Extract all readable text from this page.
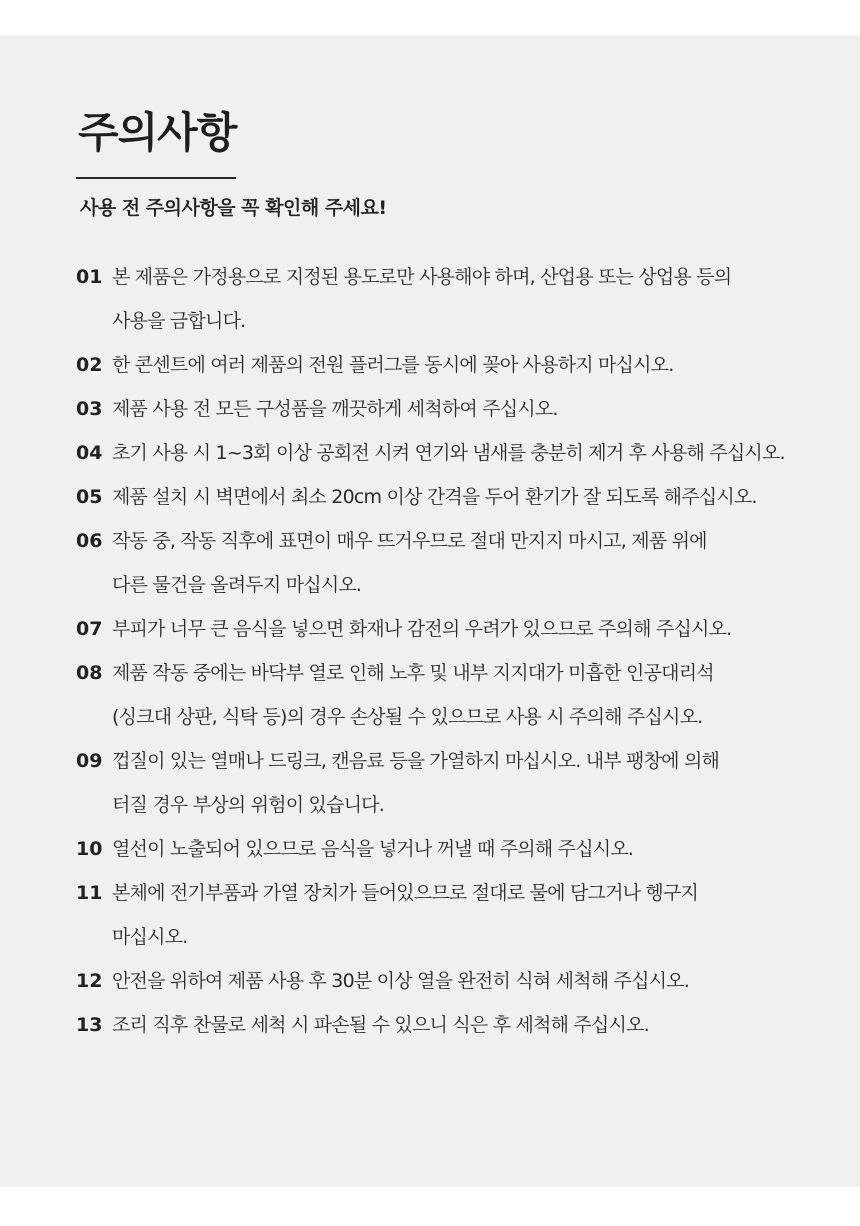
주의사항

사용 전 주의사항을 꼭 확인해 주세요!

01 본 제품은 가정용으로 지정된 용도로만 사용해야 하며, 산업용 또는 상업용 등의
사용을 금합니다.
02 한 콘센트에 여러 제품의 전원 플러그를 동시에 꽂아 사용하지 마십시오.
03 제품 사용 전 모든 구성품을 깨끗하게 세척하여 주십시오.
04 초기 사용 시 1~3회 이상 공회전 시켜 연기와 냄새를 충분히 제거 후 사용해 주십시오.
05 제품 설치 시 벽면에서 최소 20cm 이상 간격을 두어 환기가 잘 되도록 해주십시오.
06 작동 중, 작동 직후에 표면이 매우 뜨거우므로 절대 만지지 마시고, 제품 위에
다른 물건을 올려두지 마십시오.
07 부피가 너무 큰 음식을 넣으면 화재나 감전의 우려가 있으므로 주의해 주십시오.
08 제품 작동 중에는 바닥부 열로 인해 노후 및 내부 지지대가 미흡한 인공대리석
(싱크대 상판, 식탁 등)의 경우 손상될 수 있으므로 사용 시 주의해 주십시오.
09 껍질이 있는 열매나 드링크, 캔음료 등을 가열하지 마십시오. 내부 팽창에 의해
터질 경우 부상의 위험이 있습니다.
10 열선이 노출되어 있으므로 음식을 넣거나 꺼낼 때 주의해 주십시오.
11 본체에 전기부품과 가열 장치가 들어있으므로 절대로 물에 담그거나 헹구지
마십시오.
12 안전을 위하여 제품 사용 후 30분 이상 열을 완전히 식혀 세척해 주십시오.
13 조리 직후 찬물로 세척 시 파손될 수 있으니 식은 후 세척해 주십시오.
